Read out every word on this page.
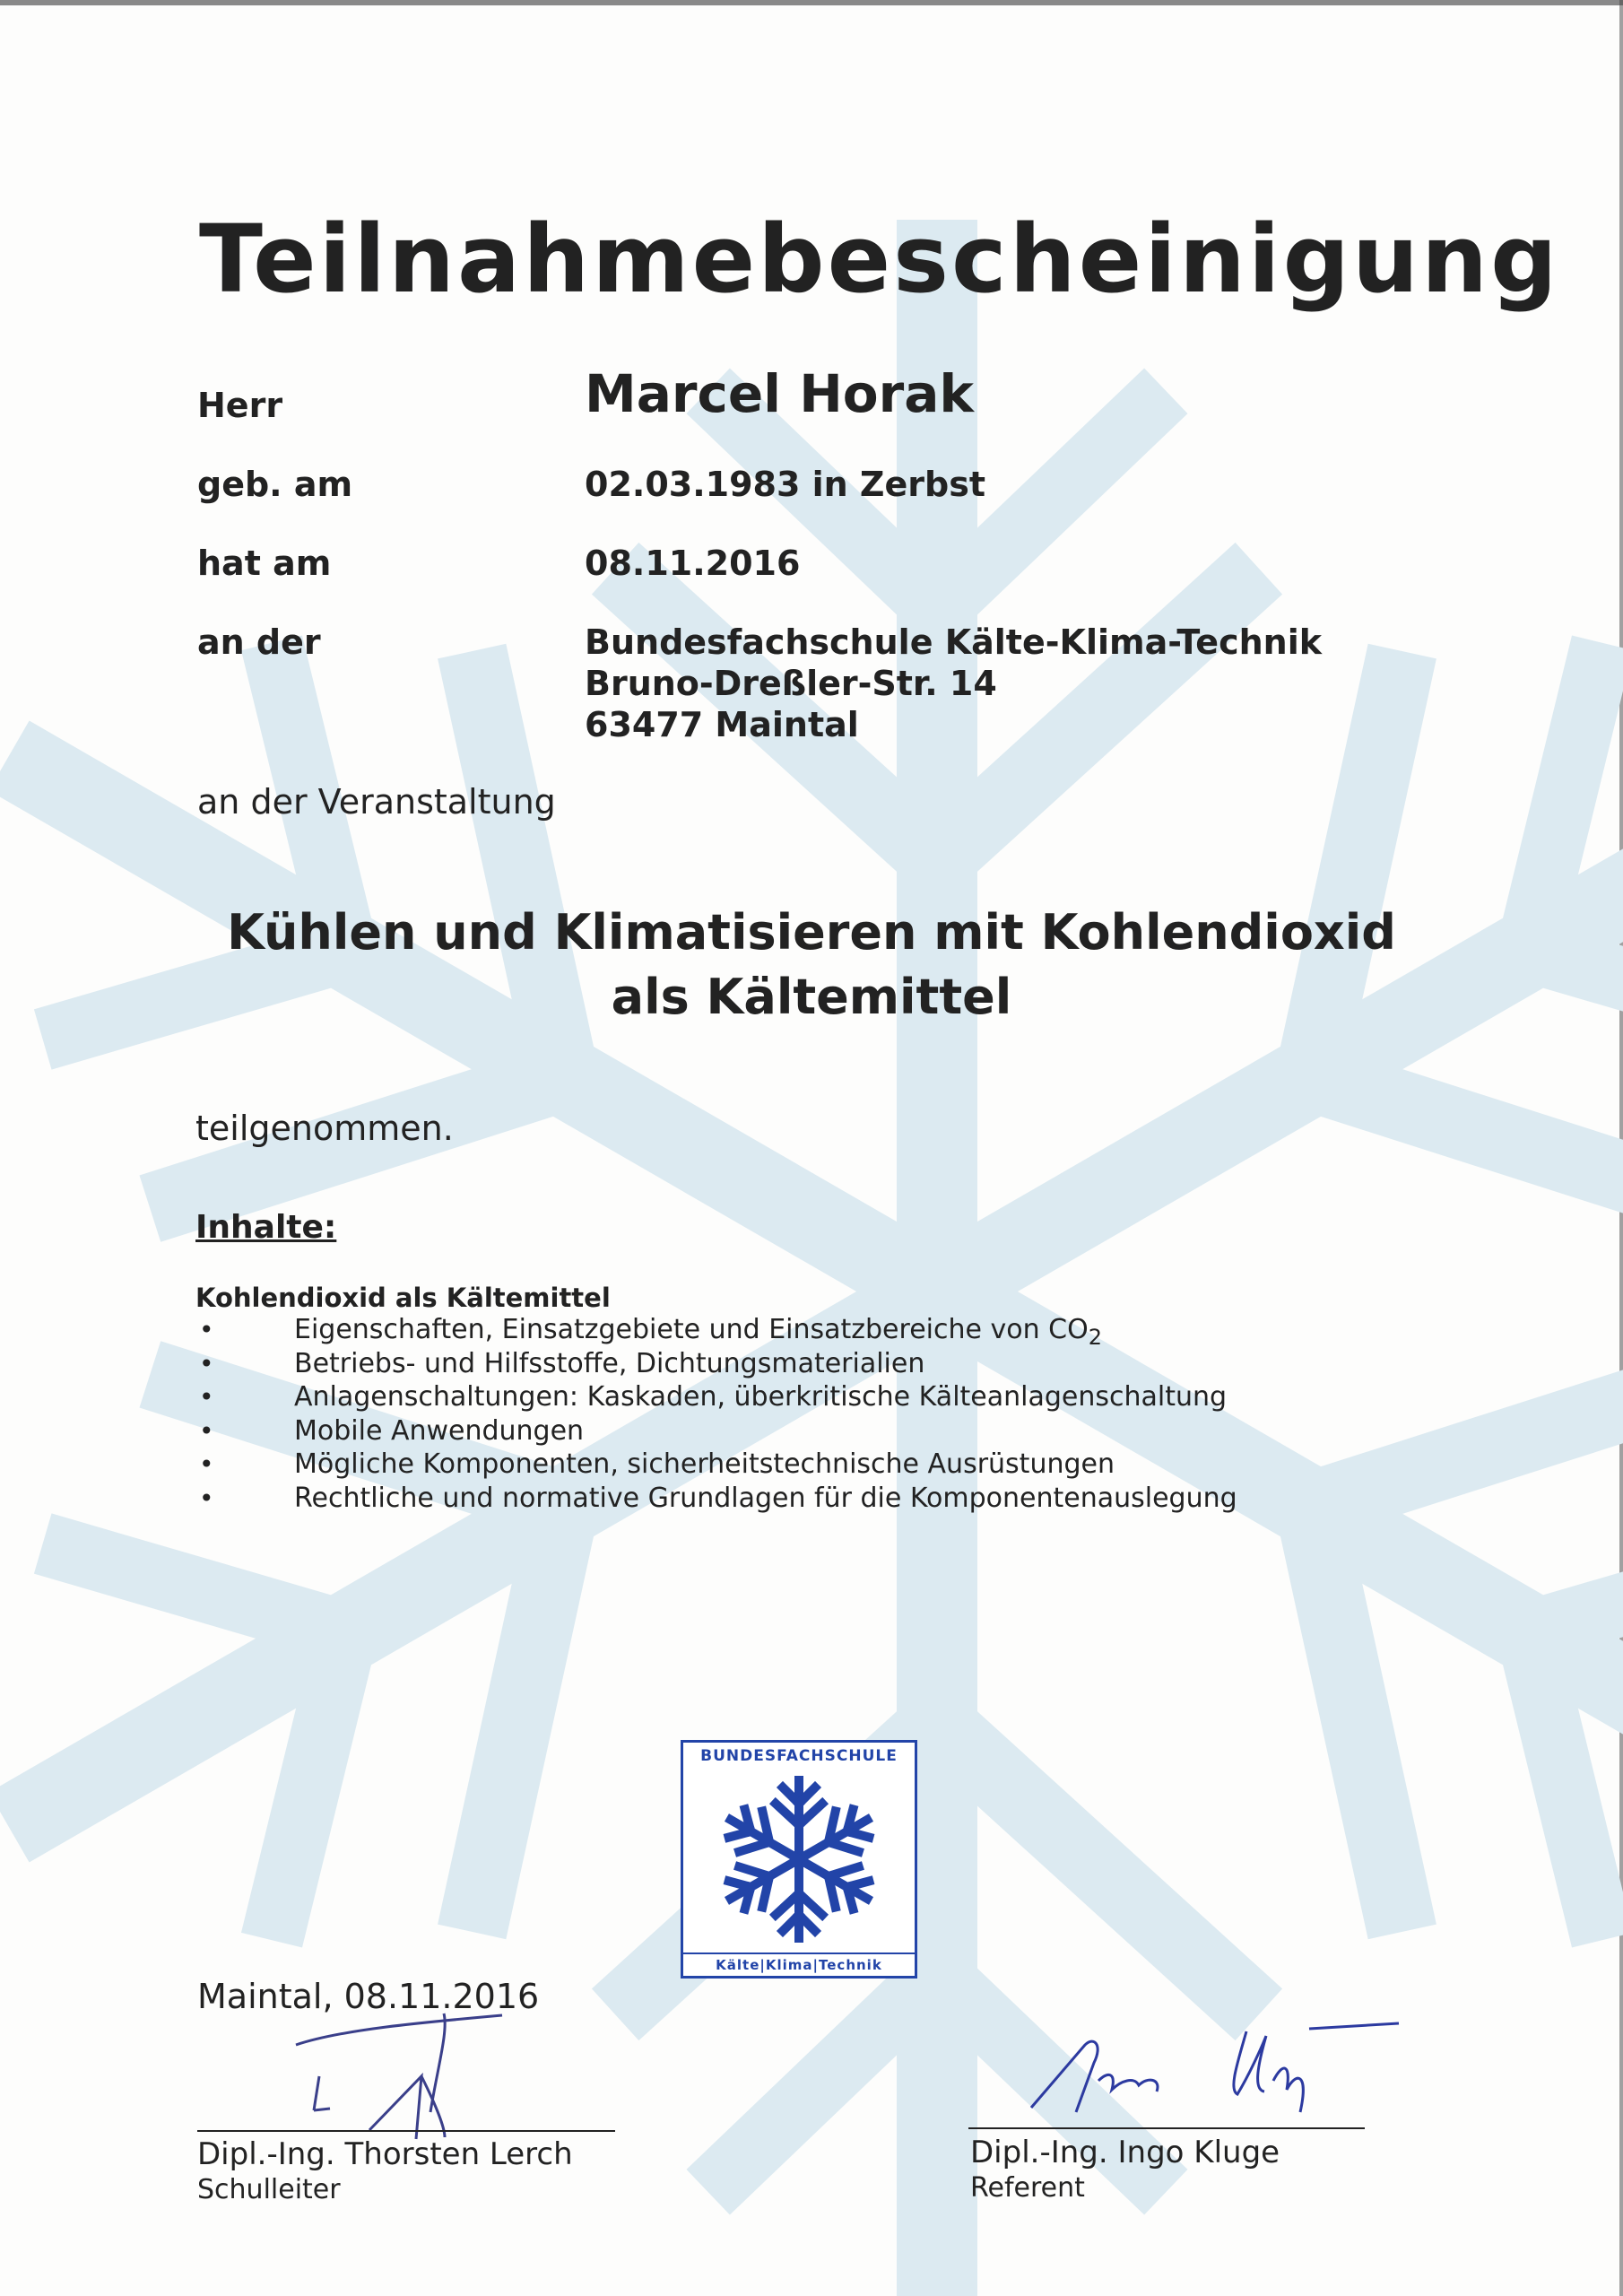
Teilnahmebescheinigung
Herr	Marcel Horak
geb. am	02.03.1983 in Zerbst
hat am	08.11.2016
an der	Bundesfachschule Kälte-Klima-Technik
Bruno-Dreßler-Str. 14
63477 Maintal
an der Veranstaltung
Kühlen und Klimatisieren mit Kohlendioxid
als Kältemittel
teilgenommen.
Inhalte:
Kohlendioxid als Kältemittel
• Eigenschaften, Einsatzgebiete und Einsatzbereiche von $CO_2$
• Betriebs- und Hilfsstoffe, Dichtungsmaterialien
• Anlagenschaltungen: Kaskaden, überkritische Kälteanlagenschaltung
• Mobile Anwendungen
• Mögliche Komponenten, sicherheitstechnische Ausrüstungen
• Rechtliche und normative Grundlagen für die Komponentenauslegung
BUNDESFACHSCHULE
Kälte|Klima|Technik
Maintal, 08.11.2016
Dipl.-Ing. Thorsten Lerch
Schulleiter
Dipl.-Ing. Ingo Kluge
Referent
